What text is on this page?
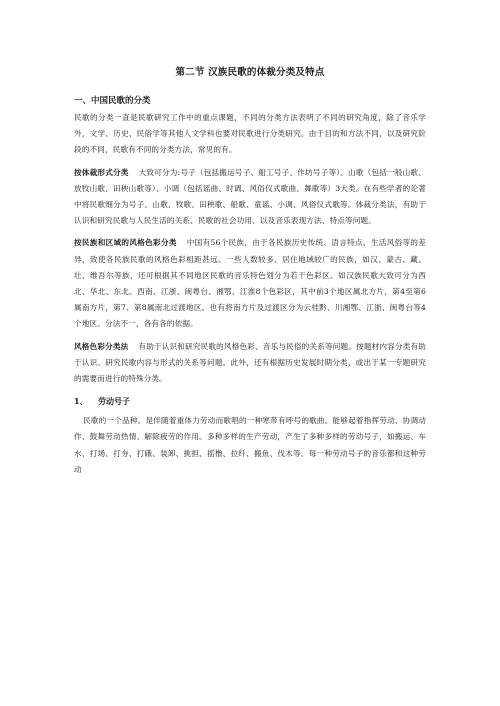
第二节 汉族民歌的体裁分类及特点
一、中国民歌的分类

民歌的分类一直是民歌研究工作中的重点课题，不同的分类方法表明了不同的研究角度，除了音乐学外，文学、历史、民俗学等其他人文学科也要对民歌进行分类研究。由于目的和方法不同，以及研究阶段的不同，民歌有不同的分类方法，常见的有。

按体裁形式分类 大致可分为:号子（包括搬运号子、船工号子、作坊号子等）、山歌（包括一般山歌、放牧山歌、田秧山歌等）、小调（包括谣曲、时调、风俗仪式歌曲、舞歌等）3大类。在有些学者的论著中将民歌细分为号子、山歌、牧歌、田秧歌、船歌、童谣、小调、风俗仪式歌等。体裁分类法，有助于认识和研究民歌与人民生活的关系、民歌的社会功用、以及音乐表现方法、特点等问题。

按民族和区域的风格色彩分类 中国有56个民族，由于各民族历史传统、语言特点、生活风俗等的差异，致使各民族民歌的风格色彩相距甚远。一些人数较多、居住地域较广的民族，如汉、蒙古、藏、壮、维吾尔等族，还可根据其不同地区民歌的音乐特色划分为若干色彩区。如汉族民歌大致可分为西北、华北、东北、西南、江浙、闽粤台、湘鄂、江淮8个色彩区，其中前3个地区属北方片，第4至第6属南方片，第7、第8属南北过渡地区。也有将南方片及过渡区分为云桂黔、川湘鄂、江浙、闽粤台等4个地区。分法不一，各有各的依据。

风格色彩分类法 有助于认识和研究民歌的风格色彩、音乐与民俗的关系等问题。按题材内容分类有助于认识、研究民歌内容与形式的关系等问题。此外，还有根据历史发展时期分类，或出于某一专题研究的需要而进行的特殊分类。

1、 劳动号子

民歌的一个品种。是伴随着重体力劳动而歌唱的一种寒带有呼号的歌曲。能够起着指挥劳动、协调动作、鼓舞劳动热情、解除疲劳的作用。多种多样的生产劳动，产生了多种多样的劳动号子，如搬运、车水、打场、打夯、打硪、装卸、挑担、摇橹、拉纤、搬鱼、伐木等。每一种劳动号子的音乐都和这种劳动
